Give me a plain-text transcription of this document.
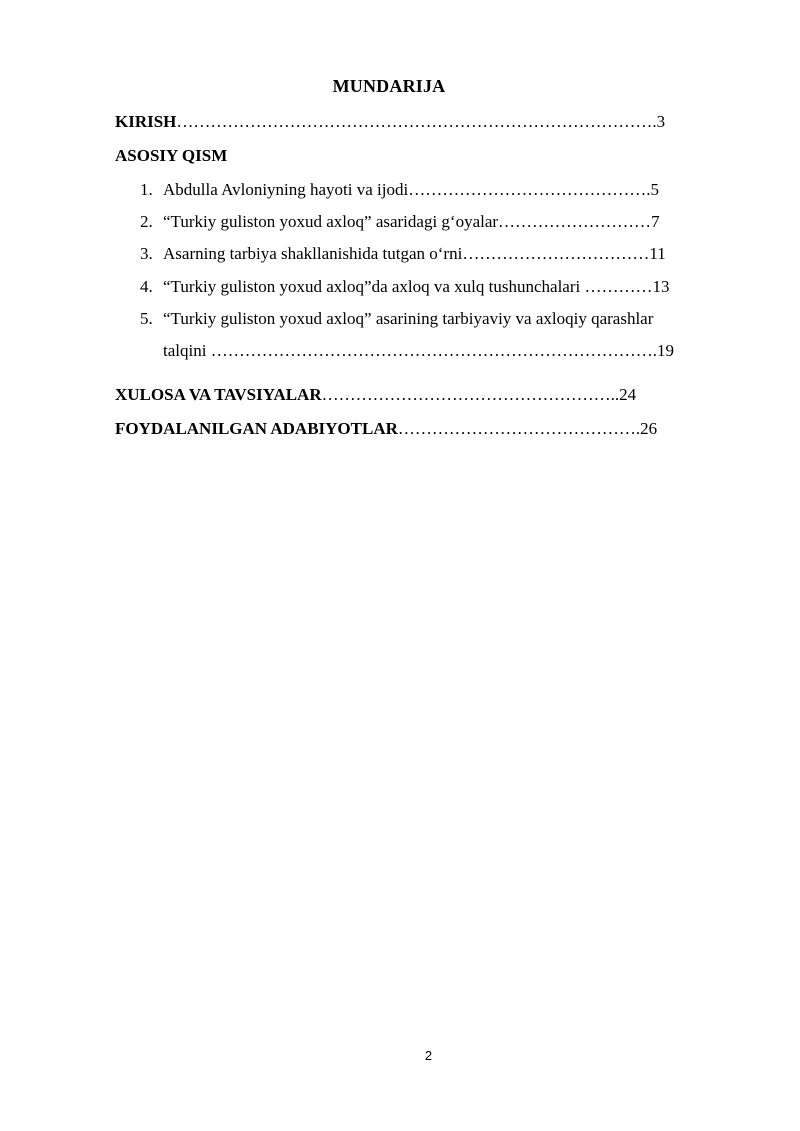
MUNDARIJA
KIRISH………………………………………………………………………….3
ASOSIY QISM
1. Abdulla Avloniyning hayoti va ijodi…………………………………….5
2. “Turkiy guliston yoxud axloq” asaridagi g‘oyalar………………………7
3. Asarning tarbiya shakllanishida tutgan o‘rni……………………………11
4. “Turkiy guliston yoxud axloq”da axloq va xulq tushunchalari …………13
5. “Turkiy guliston yoxud axloq” asarining tarbiyaviy va axloqiy qarashlar
talqini …………………………………………………………………….19
XULOSA VA TAVSIYALAR……………………………………………..24
FOYDALANILGAN ADABIYOTLAR…………………………………….26
2
